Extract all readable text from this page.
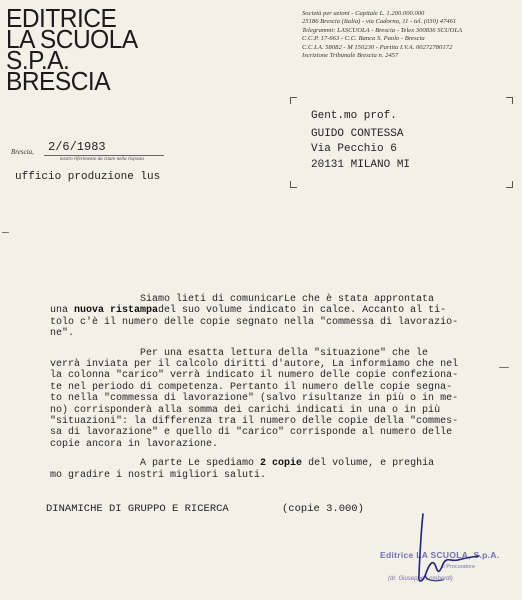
EDITRICE
LA SCUOLA
S.P.A.
BRESCIA
Società per azioni - Capitale L. 1.200.000.000
25186 Brescia (Italia) - via Cadorna, 11 - tel. (030) 47461
Telegrammi: LASCUOLA - Brescia - Telex 300836 SCUOLA
C.C.P. 17-663 - C.C. Banca S. Paolo - Brescia
C.C.I.A. 58082 - M 150230 - Partita I.V.A. 00272780172
Iscrizione Tribunale Brescia n. 2457
Gent.mo prof.
GUIDO CONTESSA
Via Pecchio 6
20131 MILANO MI
Brescia, 2/6/1983
nostro riferimento da citare nella risposta
ufficio produzione lus

Siamo lieti di comunicarLe che è stata approntata
una nuova ristampadel suo volume indicato in calce. Accanto al ti-
tolo c'è il numero delle copie segnato nella "commessa di lavorazio-
ne".

Per una esatta lettura della "situazione" che le
verrà inviata per il calcolo diritti d'autore, La informiamo che nel
la colonna "carico" verrà indicato il numero delle copie confeziona-
te nel periodo di competenza. Pertanto il numero delle copie segna-
to nella "commessa di lavorazione" (salvo risultanze in più o in me-
no) corrisponderà alla somma dei carichi indicati in una o in più
"situazioni": la differenza tra il numero delle copie della "commes-
sa di lavorazione" e quello di "carico" corrisponde al numero delle
copie ancora in lavorazione.

A parte Le spediamo 2 copie del volume, e preghia
mo gradire i nostri migliori saluti.

DINAMICHE DI GRUPPO E RICERCA	(copie 3.000)
Editrice LA SCUOLA, S.p.A.
Il Procuratore
(dr. Giuseppe Lombardi)
